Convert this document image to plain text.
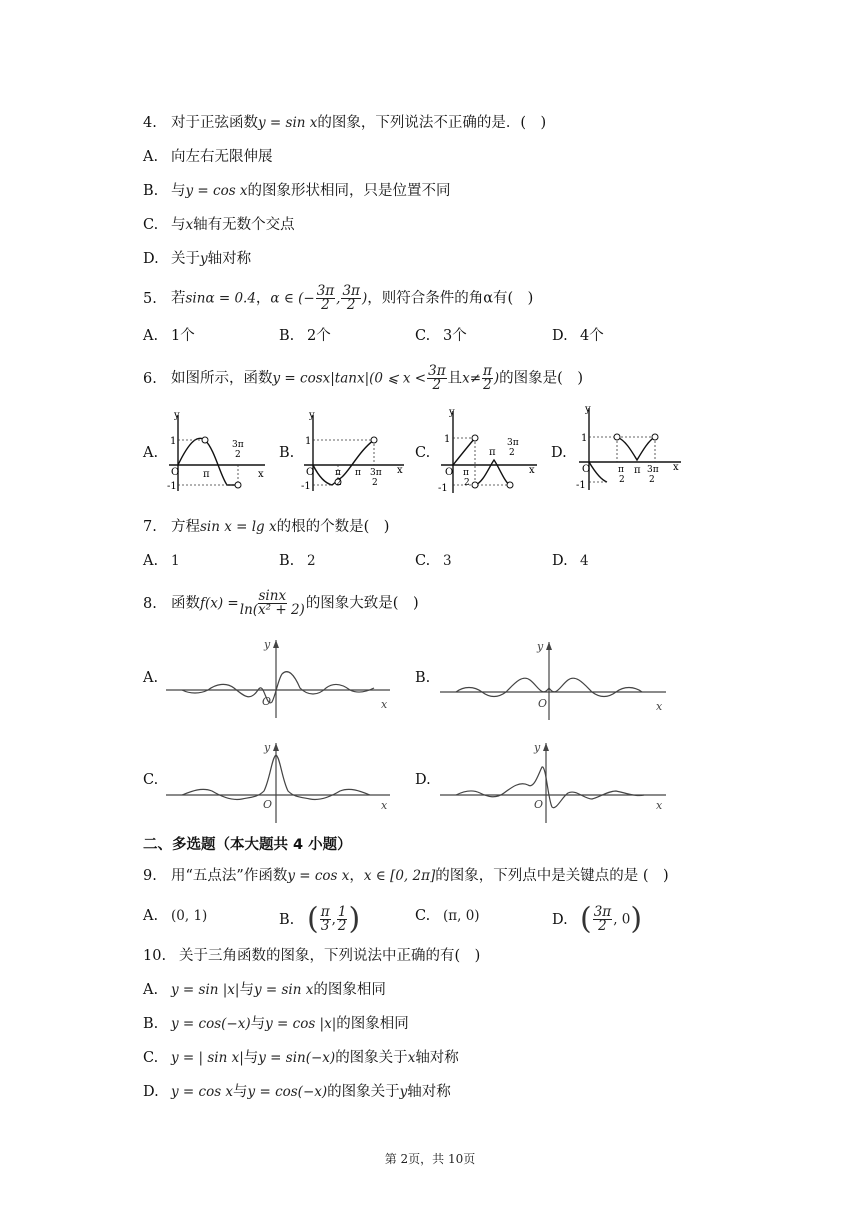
4. 对于正弦函数y = sin x的图象，下列说法不正确的是．(　)
A. 向左右无限伸展
B. 与y = cos x的图象形状相同，只是位置不同
C. 与x轴有无数个交点
D. 关于y轴对称
5. 若sinα = 0.4，α ∈ (− $\frac{3\pi}{2}$ , $\frac{3\pi}{2}$ )，则符合条件的角α有(　)
A. 1个	B. 2个	C. 3个	D. 4个
6. 如图所示，函数y = cosx|tanx|(0 ⩽ $x < \frac{3\pi}{2}$ 且$x\ne \frac{\pi}{2}$ )的图象是(　)
A.
y
x
O
1
-1
π
3π
2	B.
y
x
O
1
-1
π
2
π 3π
2
C.
y
x
O
1
-1
π
2
π
3π
2	D.
y
x
O
1
-1
π
2
π 3π
2
7. 方程sin x = lg x的根的个数是(　)
A. 1	B. 2	C. 3	D. 4
8. 函数$f(x) = \frac{\sin x}{\text{ln(x² + 2)}}$ 的图象大致是(　)
A.
y
x
O
B.
y
x
O
C.
y
x
O
D.
y
x
O
二、多选题（本大题共 4 小题）
9. 用“五点法”作函数y = cos x，x ∈ [0, 2π]的图象，下列点中是关键点的是 (　)
A. (0, 1)	B. ( $\frac{\pi}{3}$ , $\frac{1}{2}$ )	C. (π, 0)	D. ( $\frac{3\pi}{2}$ , 0)
10. 关于三角函数的图象，下列说法中正确的有(　)
A. y = sin |x|与y = sin x的图象相同
B. y = cos(−x)与y = cos |x|的图象相同
C. y = | sin x|与y = sin(−x)的图象关于x轴对称
D. y = cos x与y = cos(−x)的图象关于y轴对称
第 2页，共 10页
